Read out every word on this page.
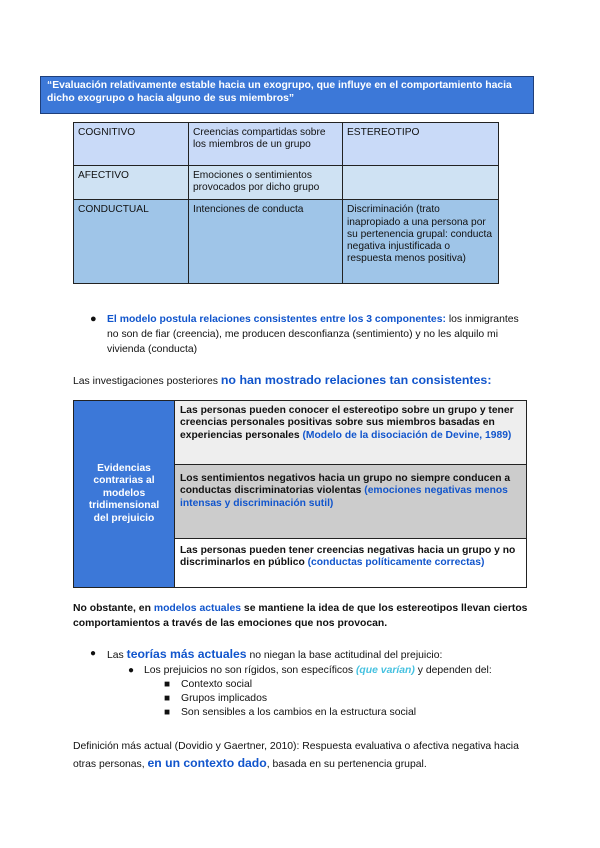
“Evaluación relativamente estable hacia un exogrupo, que influye en el comportamiento hacia dicho exogrupo o hacia alguno de sus miembros”
COGNITIVO	Creencias compartidas sobre los miembros de un grupo	ESTEREOTIPO
AFECTIVO	Emociones o sentimientos provocados por dicho grupo	
CONDUCTUAL	Intenciones de conducta	Discriminación (trato inapropiado a una persona por su pertenencia grupal: conducta negativa injustificada o respuesta menos positiva)
● El modelo postula relaciones consistentes entre los 3 componentes: los inmigrantes no son de fiar (creencia), me producen desconfianza (sentimiento) y no les alquilo mi vivienda (conducta)
Las investigaciones posteriores no han mostrado relaciones tan consistentes:
Evidencias contrarias al modelos tridimensional del prejuicio
Las personas pueden conocer el estereotipo sobre un grupo y tener creencias personales positivas sobre sus miembros basadas en experiencias personales (Modelo de la disociación de Devine, 1989)
Los sentimientos negativos hacia un grupo no siempre conducen a conductas discriminatorias violentas (emociones negativas menos intensas y discriminación sutil)
Las personas pueden tener creencias negativas hacia un grupo y no discriminarlos en público (conductas políticamente correctas)
No obstante, en modelos actuales se mantiene la idea de que los estereotipos llevan ciertos comportamientos a través de las emociones que nos provocan.
● Las teorías más actuales no niegan la base actitudinal del prejuicio:
● Los prejuicios no son rígidos, son específicos (que varían) y dependen del:
■ Contexto social
■ Grupos implicados
■ Son sensibles a los cambios en la estructura social
Definición más actual (Dovidio y Gaertner, 2010): Respuesta evaluativa o afectiva negativa hacia otras personas, en un contexto dado, basada en su pertenencia grupal.
